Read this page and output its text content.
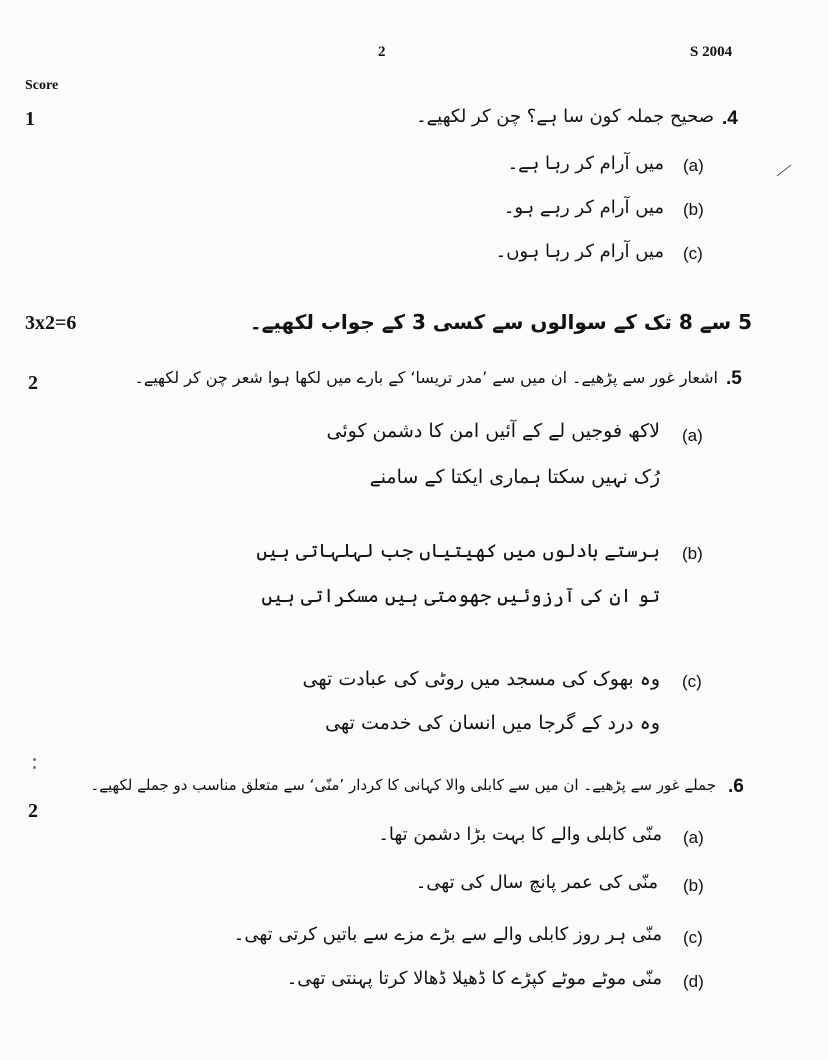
2	S 2004
Score
1
3x2=6
2
2
.4
صحیح جملہ کون سا ہے؟ چن کر لکھیے۔
(a)
میں آرام کر رہا ہے۔
(b)
میں آرام کر رہے ہو۔
(c)
میں آرام کر رہا ہوں۔
5 سے 8 تک کے سوالوں سے کسی 3 کے جواب لکھیے۔
.5
اشعار غور سے پڑھیے۔ ان میں سے ’مدر تریسا‘ کے بارے میں لکھا ہوا شعر چن کر لکھیے۔
(a)
لاکھ فوجیں لے کے آئیں امن کا دشمن کوئی
رُک نہیں سکتا ہماری ایکتا کے سامنے
(b)
برستے بادلوں میں کھیتیاں جب لہلہاتی ہیں
تو ان کی آرزوئیں جھومتی ہیں مسکراتی ہیں
(c)
وہ بھوک کی مسجد میں روٹی کی عبادت تھی
وہ درد کے گرجا میں انسان کی خدمت تھی
.6
جملے غور سے پڑھیے۔ ان میں سے کابلی والا کہانی کا کردار ’منّی‘ سے متعلق مناسب دو جملے لکھیے۔
(a)
منّی کابلی والے کا بہت بڑا دشمن تھا۔
(b)
منّی کی عمر پانچ سال کی تھی۔
(c)
منّی ہر روز کابلی والے سے بڑے مزے سے باتیں کرتی تھی۔
(d)
منّی موٹے موٹے کپڑے کا ڈھیلا ڈھالا کرتا پہنتی تھی۔
